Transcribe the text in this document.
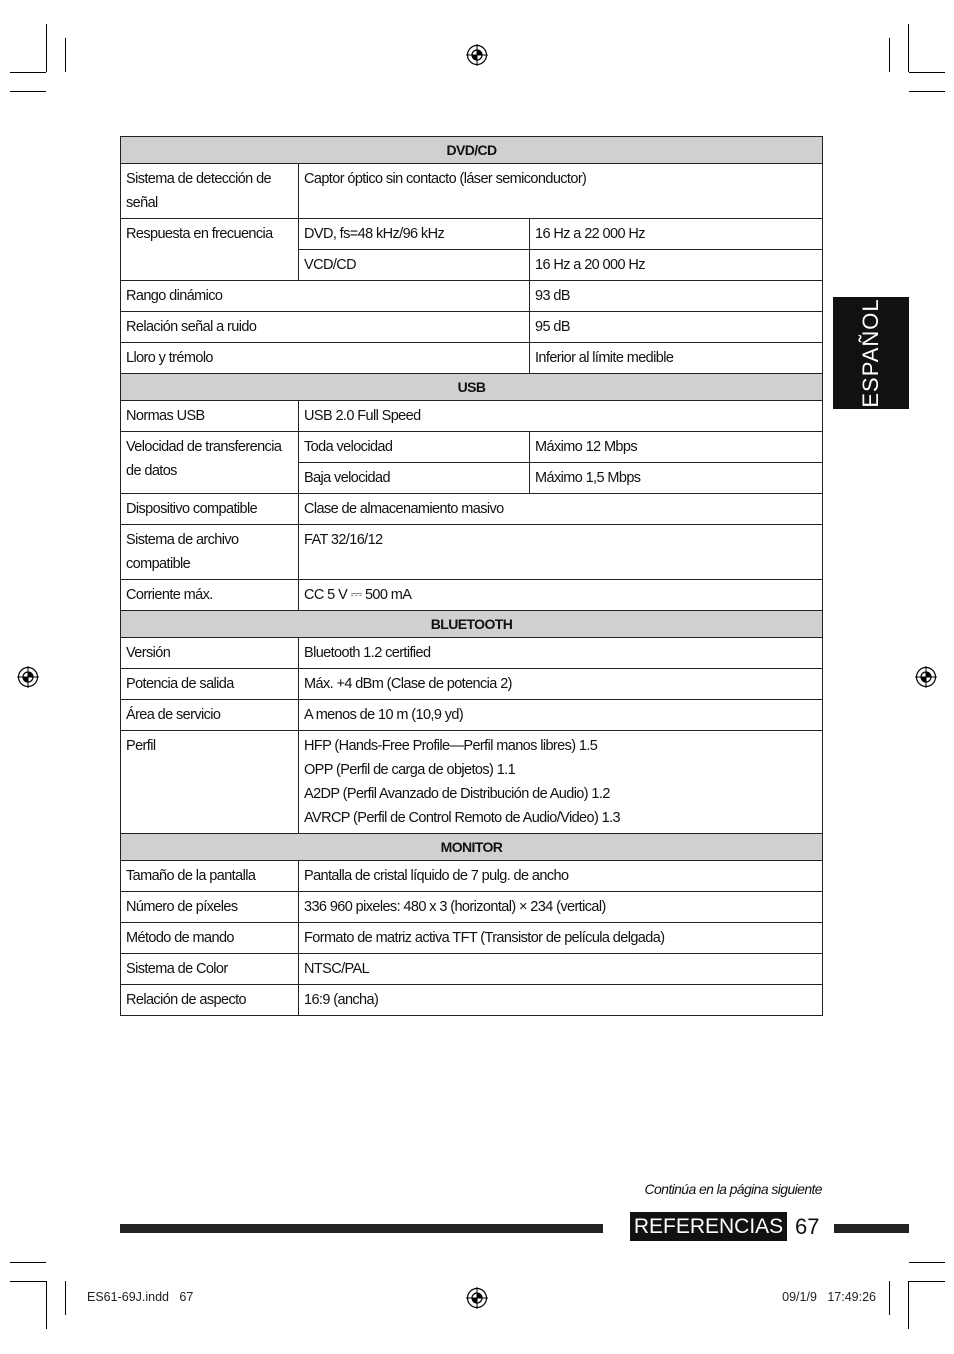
DVD/CD		
Sistema de detección de señal	Captor óptico sin contacto (láser semiconductor)	
Respuesta en frecuencia	DVD, fs=48 kHz/96 kHz	16 Hz a 22 000 Hz
	VCD/CD	16 Hz a 20 000 Hz
Rango dinámico		93 dB
Relación señal a ruido		95 dB
Lloro y trémolo		Inferior al límite medible
USB		
Normas USB	USB 2.0 Full Speed	
Velocidad de transferencia de datos	Toda velocidad	Máximo 12 Mbps
	Baja velocidad	Máximo 1,5 Mbps
Dispositivo compatible	Clase de almacenamiento masivo	
Sistema de archivo compatible	FAT 32/16/12	
Corriente máx.	CC 5 V ⎓ 500 mA	
BLUETOOTH		
Versión	Bluetooth 1.2 certified	
Potencia de salida	Máx. +4 dBm (Clase de potencia 2)	
Área de servicio	A menos de 10 m (10,9 yd)	
Perfil	HFP (Hands-Free Profile—Perfil manos libres) 1.5
OPP (Perfil de carga de objetos) 1.1
A2DP (Perfil Avanzado de Distribución de Audio) 1.2
AVRCP (Perfil de Control Remoto de Audio/Video) 1.3	

MONITOR		
Tamaño de la pantalla	Pantalla de cristal líquido de 7 pulg. de ancho	
Número de píxeles	336 960 pixeles: 480 x 3 (horizontal) × 234 (vertical)	
Método de mando	Formato de matriz activa TFT (Transistor de película delgada)	
Sistema de Color	NTSC/PAL	
Relación de aspecto	16:9 (ancha)	
ESPAÑOL
Continúa en la página siguiente
REFERENCIAS 67
ES61-69J.indd   67	09/1/9   17:49:26
